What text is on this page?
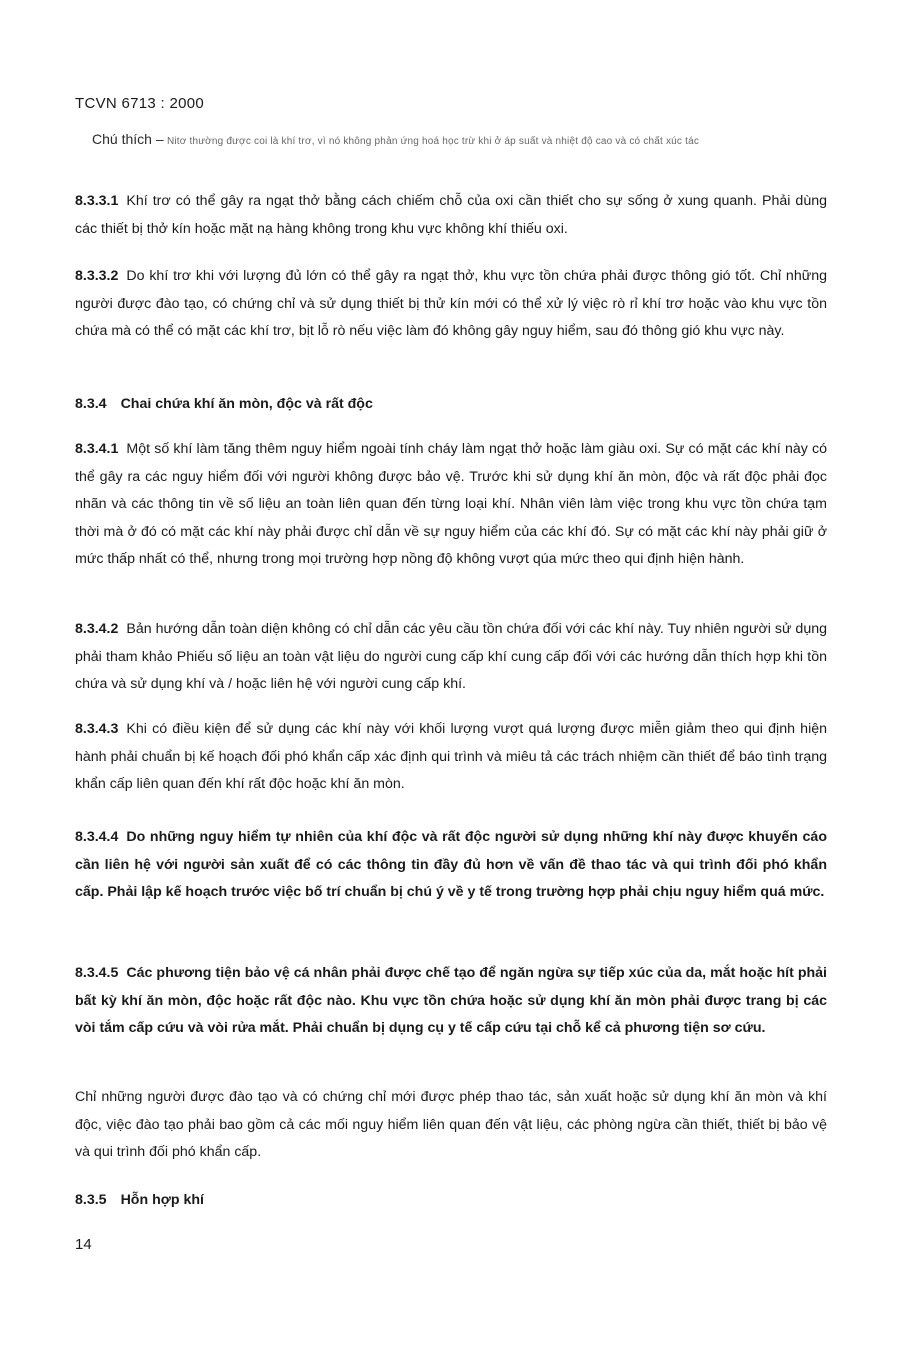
TCVN 6713 : 2000
Chú thích – Nitơ thường được coi là khí trơ, vì nó không phản ứng hoá học trừ khi ở áp suất và nhiệt độ cao và có chất xúc tác
8.3.3.1 Khí trơ có thể gây ra ngạt thở bằng cách chiếm chỗ của oxi cần thiết cho sự sống ở xung quanh. Phải dùng các thiết bị thở kín hoặc mặt nạ hàng không trong khu vực không khí thiếu oxi.
8.3.3.2 Do khí trơ khi với lượng đủ lớn có thể gây ra ngạt thở, khu vực tồn chứa phải được thông gió tốt. Chỉ những người được đào tạo, có chứng chỉ và sử dụng thiết bị thử kín mới có thể xử lý việc rò rỉ khí trơ hoặc vào khu vực tồn chứa mà có thể có mặt các khí trơ, bịt lỗ rò nếu việc làm đó không gây nguy hiểm, sau đó thông gió khu vực này.
8.3.4 Chai chứa khí ăn mòn, độc và rất độc
8.3.4.1 Một số khí làm tăng thêm nguy hiểm ngoài tính cháy làm ngạt thở hoặc làm giàu oxi. Sự có mặt các khí này có thể gây ra các nguy hiểm đối với người không được bảo vệ. Trước khi sử dụng khí ăn mòn, độc và rất độc phải đọc nhãn và các thông tin về số liệu an toàn liên quan đến từng loại khí. Nhân viên làm việc trong khu vực tồn chứa tạm thời mà ở đó có mặt các khí này phải được chỉ dẫn về sự nguy hiểm của các khí đó. Sự có mặt các khí này phải giữ ở mức thấp nhất có thể, nhưng trong mọi trường hợp nồng độ không vượt qúa mức theo qui định hiện hành.
8.3.4.2 Bản hướng dẫn toàn diện không có chỉ dẫn các yêu cầu tồn chứa đối với các khí này. Tuy nhiên người sử dụng phải tham khảo Phiếu số liệu an toàn vật liệu do người cung cấp khí cung cấp đối với các hướng dẫn thích hợp khi tồn chứa và sử dụng khí và / hoặc liên hệ với người cung cấp khí.
8.3.4.3 Khi có điều kiện để sử dụng các khí này với khối lượng vượt quá lượng được miễn giảm theo qui định hiện hành phải chuẩn bị kế hoạch đối phó khẩn cấp xác định qui trình và miêu tả các trách nhiệm cần thiết để báo tình trạng khẩn cấp liên quan đến khí rất độc hoặc khí ăn mòn.
8.3.4.4 Do những nguy hiểm tự nhiên của khí độc và rất độc người sử dụng những khí này được khuyến cáo cần liên hệ với người sản xuất để có các thông tin đầy đủ hơn về vấn đề thao tác và qui trình đối phó khẩn cấp. Phải lập kế hoạch trước việc bố trí chuẩn bị chú ý về y tế trong trường hợp phải chịu nguy hiểm quá mức.
8.3.4.5 Các phương tiện bảo vệ cá nhân phải được chế tạo để ngăn ngừa sự tiếp xúc của da, mắt hoặc hít phải bất kỳ khí ăn mòn, độc hoặc rất độc nào. Khu vực tồn chứa hoặc sử dụng khí ăn mòn phải được trang bị các vòi tắm cấp cứu và vòi rửa mắt. Phải chuẩn bị dụng cụ y tế cấp cứu tại chỗ kể cả phương tiện sơ cứu.
Chỉ những người được đào tạo và có chứng chỉ mới được phép thao tác, sản xuất hoặc sử dụng khí ăn mòn và khí độc, việc đào tạo phải bao gồm cả các mối nguy hiểm liên quan đến vật liệu, các phòng ngừa cần thiết, thiết bị bảo vệ và qui trình đối phó khẩn cấp.
8.3.5 Hỗn hợp khí
14
